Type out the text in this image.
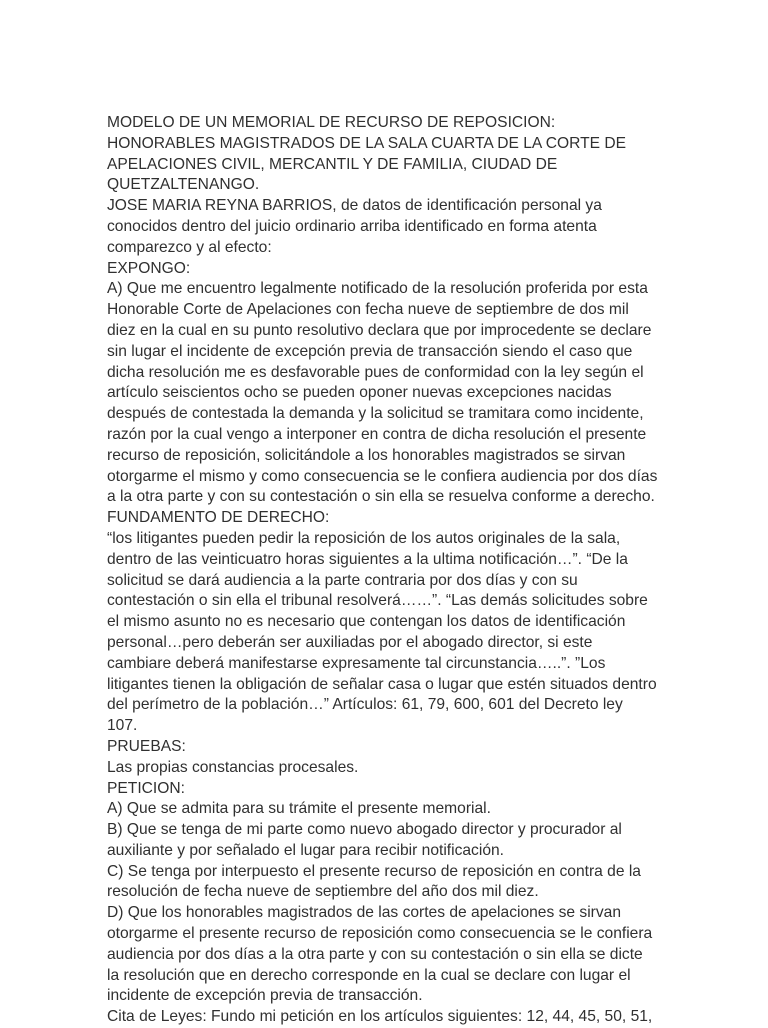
MODELO DE UN MEMORIAL DE RECURSO DE REPOSICION:
HONORABLES MAGISTRADOS DE LA SALA CUARTA DE LA CORTE DE
APELACIONES CIVIL, MERCANTIL Y DE FAMILIA, CIUDAD DE
QUETZALTENANGO.
JOSE MARIA REYNA BARRIOS, de datos de identificación personal ya
conocidos dentro del juicio ordinario arriba identificado en forma atenta
comparezco y al efecto:
EXPONGO:
A) Que me encuentro legalmente notificado de la resolución proferida por esta
Honorable Corte de Apelaciones con fecha nueve de septiembre de dos mil
diez en la cual en su punto resolutivo declara que por improcedente se declare
sin lugar el incidente de excepción previa de transacción siendo el caso que
dicha resolución me es desfavorable pues de conformidad con la ley según el
artículo seiscientos ocho se pueden oponer nuevas excepciones nacidas
después de contestada la demanda y la solicitud se tramitara como incidente,
razón por la cual vengo a interponer en contra de dicha resolución el presente
recurso de reposición, solicitándole a los honorables magistrados se sirvan
otorgarme el mismo y como consecuencia se le confiera audiencia por dos días
a la otra parte y con su contestación o sin ella se resuelva conforme a derecho.
FUNDAMENTO DE DERECHO:
“los litigantes pueden pedir la reposición de los autos originales de la sala,
dentro de las veinticuatro horas siguientes a la ultima notificación…”. “De la
solicitud se dará audiencia a la parte contraria por dos días y con su
contestación o sin ella el tribunal resolverá……”. “Las demás solicitudes sobre
el mismo asunto no es necesario que contengan los datos de identificación
personal…pero deberán ser auxiliadas por el abogado director, si este
cambiare deberá manifestarse expresamente tal circunstancia…..”. ”Los
litigantes tienen la obligación de señalar casa o lugar que estén situados dentro
del perímetro de la población…” Artículos: 61, 79, 600, 601 del Decreto ley
107.
PRUEBAS:
Las propias constancias procesales.
PETICION:
A) Que se admita para su trámite el presente memorial.
B) Que se tenga de mi parte como nuevo abogado director y procurador al
auxiliante y por señalado el lugar para recibir notificación.
C) Se tenga por interpuesto el presente recurso de reposición en contra de la
resolución de fecha nueve de septiembre del año dos mil diez.
D) Que los honorables magistrados de las cortes de apelaciones se sirvan
otorgarme el presente recurso de reposición como consecuencia se le confiera
audiencia por dos días a la otra parte y con su contestación o sin ella se dicte
la resolución que en derecho corresponde en la cual se declare con lugar el
incidente de excepción previa de transacción.
Cita de Leyes: Fundo mi petición en los artículos siguientes: 12, 44, 45, 50, 51,
